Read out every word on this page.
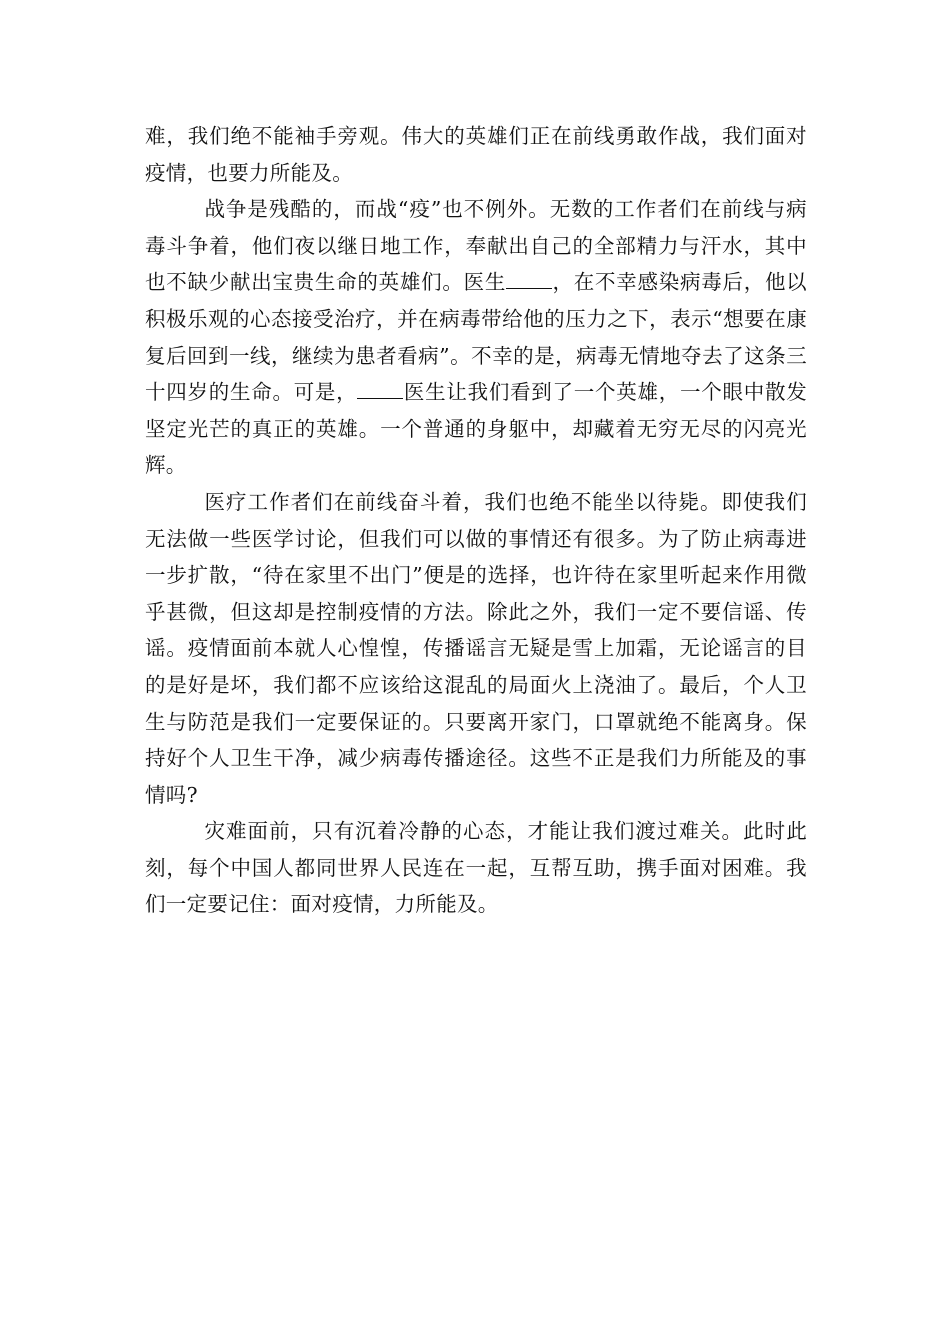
难，我们绝不能袖手旁观。伟大的英雄们正在前线勇敢作战，我们面对疫情，也要力所能及。

战争是残酷的，而战“疫”也不例外。无数的工作者们在前线与病毒斗争着，他们夜以继日地工作，奉献出自己的全部精力与汗水，其中也不缺少献出宝贵生命的英雄们。医生 ，在不幸感染病毒后，他以积极乐观的心态接受治疗，并在病毒带给他的压力之下，表示“想要在康复后回到一线，继续为患者看病”。不幸的是，病毒无情地夺去了这条三十四岁的生命。可是， 医生让我们看到了一个英雄，一个眼中散发坚定光芒的真正的英雄。一个普通的身躯中，却藏着无穷无尽的闪亮光辉。

医疗工作者们在前线奋斗着，我们也绝不能坐以待毙。即使我们无法做一些医学讨论，但我们可以做的事情还有很多。为了防止病毒进一步扩散，“待在家里不出门”便是的选择，也许待在家里听起来作用微乎甚微，但这却是控制疫情的方法。除此之外，我们一定不要信谣、传谣。疫情面前本就人心惶惶，传播谣言无疑是雪上加霜，无论谣言的目的是好是坏，我们都不应该给这混乱的局面火上浇油了。最后，个人卫生与防范是我们一定要保证的。只要离开家门，口罩就绝不能离身。保持好个人卫生干净，减少病毒传播途径。这些不正是我们力所能及的事情吗?

灾难面前，只有沉着冷静的心态，才能让我们渡过难关。此时此刻，每个中国人都同世界人民连在一起，互帮互助，携手面对困难。我们一定要记住：面对疫情，力所能及。
